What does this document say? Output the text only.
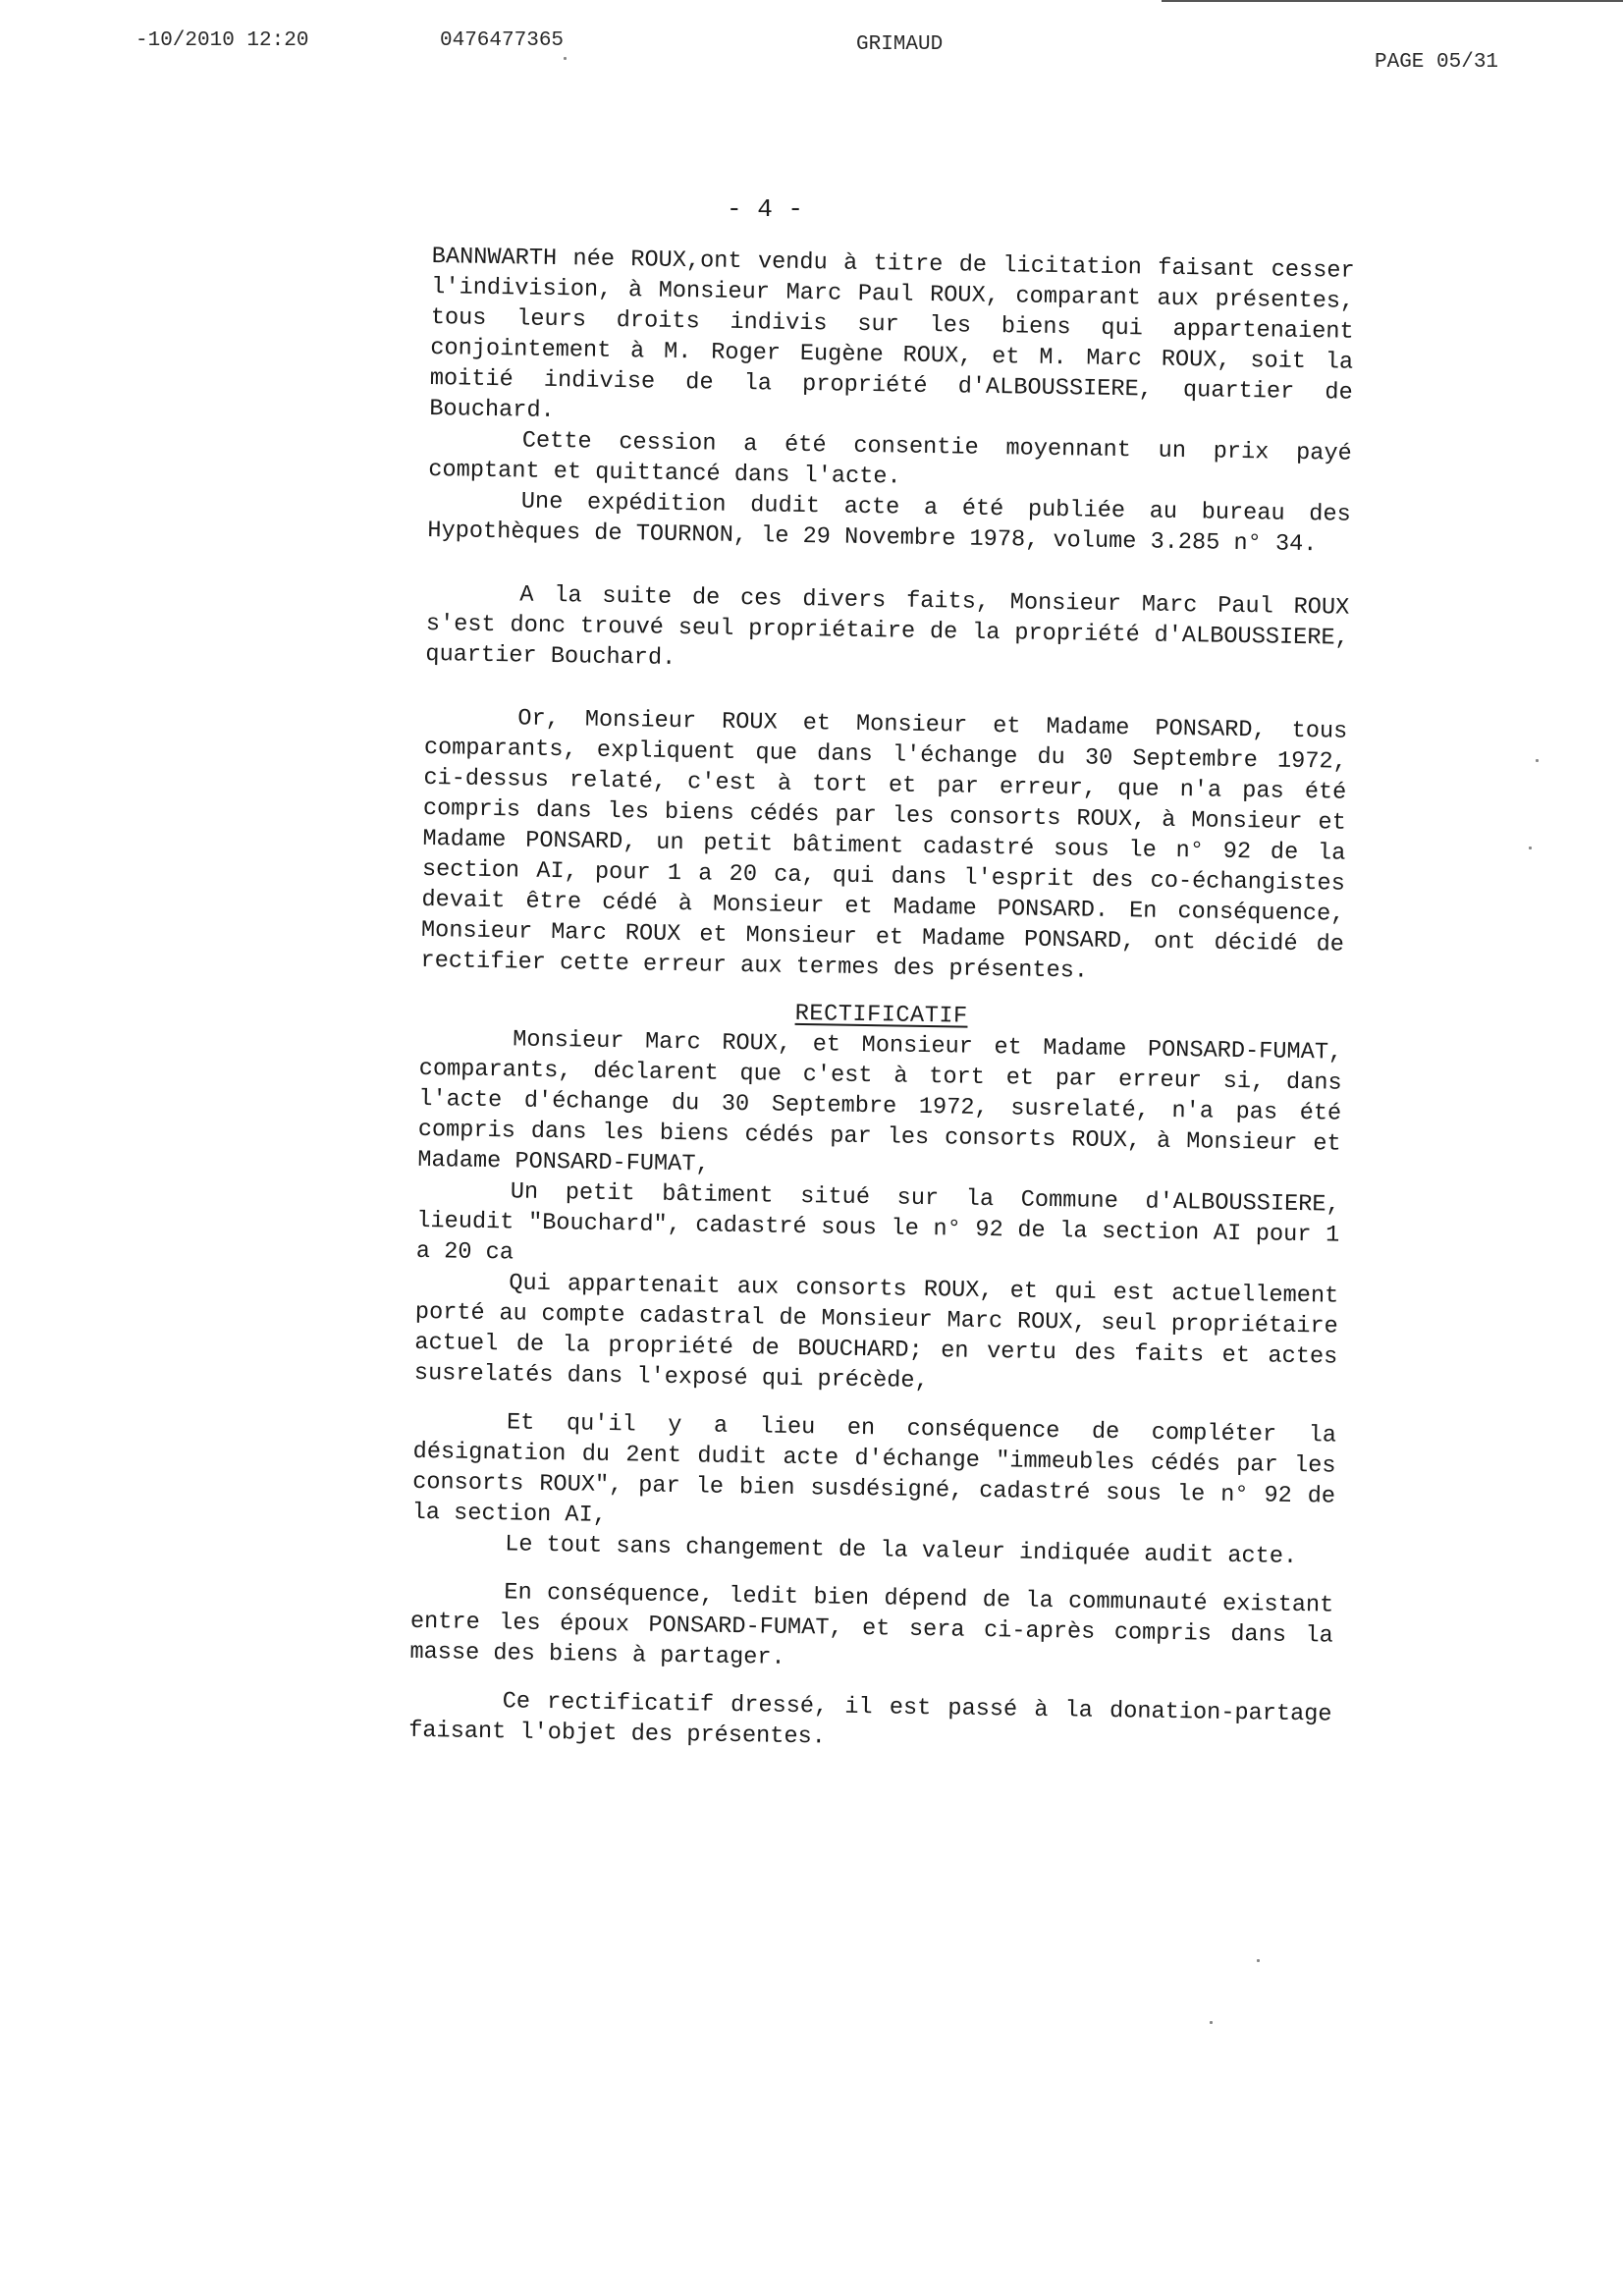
-10/2010 12:20	0476477365	GRIMAUD
PAGE 05/31
- 4 -

BANNWARTH née ROUX,ont vendu à titre de licitation faisant cesser l'indivision, à Monsieur Marc Paul ROUX, comparant aux présentes, tous leurs droits indivis sur les biens qui appartenaient conjointement à M. Roger Eugène ROUX, et M. Marc ROUX, soit la moitié indivise de la propriété d'ALBOUSSIERE, quartier de Bouchard.

Cette cession a été consentie moyennant un prix payé comptant et quittancé dans l'acte.

Une expédition dudit acte a été publiée au bureau des Hypothèques de TOURNON, le 29 Novembre 1978, volume 3.285 n° 34.

A la suite de ces divers faits, Monsieur Marc Paul ROUX s'est donc trouvé seul propriétaire de la propriété d'ALBOUSSIERE, quartier Bouchard.

Or, Monsieur ROUX et Monsieur et Madame PONSARD, tous comparants, expliquent que dans l'échange du 30 Septembre 1972, ci-dessus relaté, c'est à tort et par erreur, que n'a pas été compris dans les biens cédés par les consorts ROUX, à Monsieur et Madame PONSARD, un petit bâtiment cadastré sous le n° 92 de la section AI, pour 1 a 20 ca, qui dans l'esprit des co-échangistes devait être cédé à Monsieur et Madame PONSARD. En conséquence, Monsieur Marc ROUX et Monsieur et Madame PONSARD, ont décidé de rectifier cette erreur aux termes des présentes.

RECTIFICATIF

Monsieur Marc ROUX, et Monsieur et Madame PONSARD-FUMAT, comparants, déclarent que c'est à tort et par erreur si, dans l'acte d'échange du 30 Septembre 1972, susrelaté, n'a pas été compris dans les biens cédés par les consorts ROUX, à Monsieur et Madame PONSARD-FUMAT,

Un petit bâtiment situé sur la Commune d'ALBOUSSIERE, lieudit "Bouchard", cadastré sous le n° 92 de la section AI pour 1 a 20 ca

Qui appartenait aux consorts ROUX, et qui est actuellement porté au compte cadastral de Monsieur Marc ROUX, seul propriétaire actuel de la propriété de BOUCHARD; en vertu des faits et actes susrelatés dans l'exposé qui précède,

Et qu'il y a lieu en conséquence de compléter la désignation du 2ent dudit acte d'échange "immeubles cédés par les consorts ROUX", par le bien susdésigné, cadastré sous le n° 92 de la section AI,

Le tout sans changement de la valeur indiquée audit acte.

En conséquence, ledit bien dépend de la communauté existant entre les époux PONSARD-FUMAT, et sera ci-après compris dans la masse des biens à partager.

Ce rectificatif dressé, il est passé à la donation-partage faisant l'objet des présentes.
